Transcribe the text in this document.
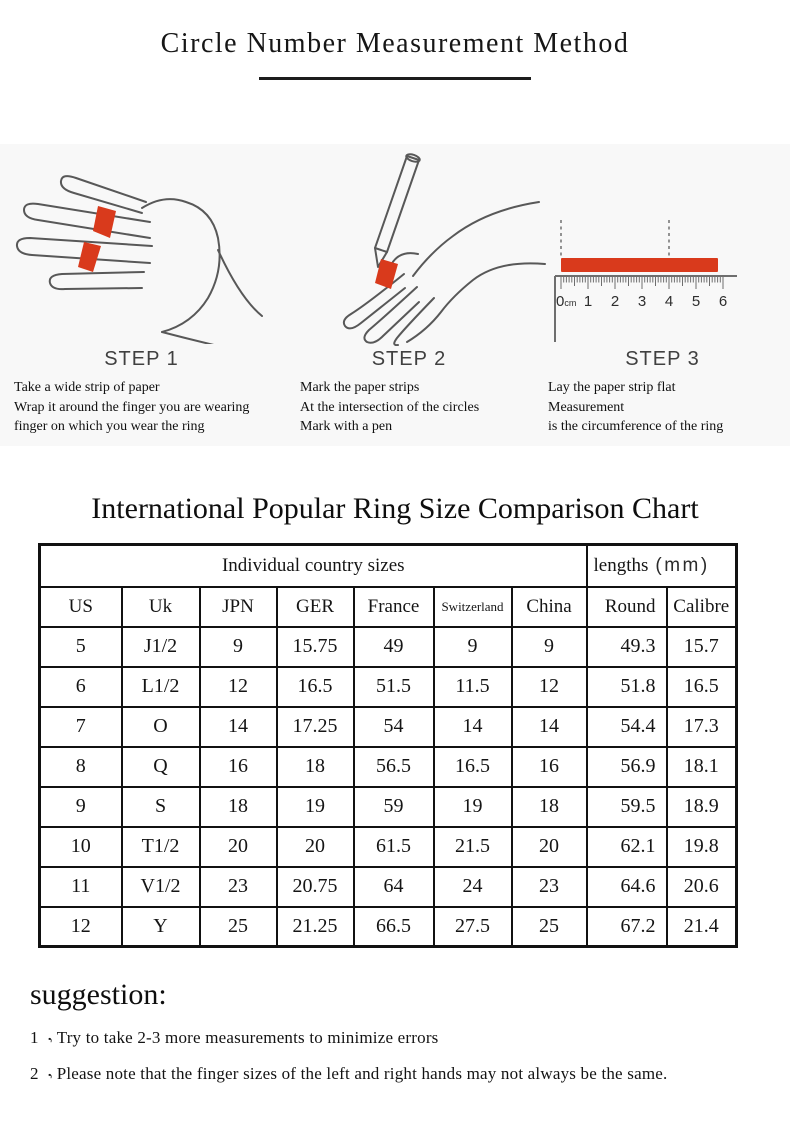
Circle Number Measurement Method
STEP 1
Take a wide strip of paper
Wrap it around the finger you are wearing
finger on which you wear the ring
STEP 2
Mark the paper strips
At the intersection of the circles
Mark with a pen
0cm 1 2 3 4 5 6
STEP 3
Lay the paper strip flat
Measurement
is the circumference of the ring
International Popular Ring Size Comparison Chart
Individual country sizes							lengths (mm)	
US	Uk	JPN	GER	France	Switzerland	China	Round	Calibre
5	J1/2	9	15.75	49	9	9	49.3	15.7
6	L1/2	12	16.5	51.5	11.5	12	51.8	16.5
7	O	14	17.25	54	14	14	54.4	17.3
8	Q	16	18	56.5	16.5	16	56.9	18.1
9	S	18	19	59	19	18	59.5	18.9
10	T1/2	20	20	61.5	21.5	20	62.1	19.8
11	V1/2	23	20.75	64	24	23	64.6	20.6
12	Y	25	21.25	66.5	27.5	25	67.2	21.4
suggestion:
1 , Try to take 2-3 more measurements to minimize errors
2 , Please note that the finger sizes of the left and right hands may not always be the same.
